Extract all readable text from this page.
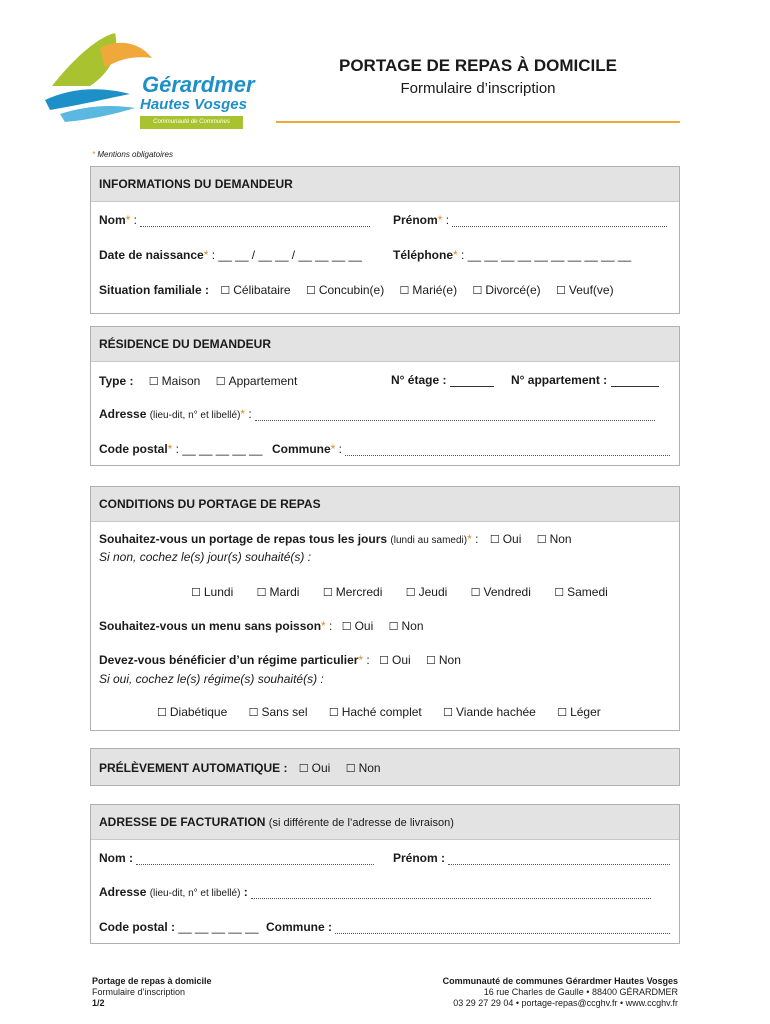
Gérardmer
Hautes Vosges
Communauté de Communes
PORTAGE DE REPAS À DOMICILE
Formulaire d’inscription
* Mentions obligatoires
INFORMATIONS DU DEMANDEUR
Nom* :	Prénom* :
Date de naissance* : __ __ / __ __ / __ __ __ __	Téléphone* : __ __ __ __ __ __ __ __ __ __
Situation familiale : ☐ Célibataire ☐ Concubin(e) ☐ Marié(e) ☐ Divorcé(e) ☐ Veuf(ve)
RÉSIDENCE DU DEMANDEUR
Type : ☐ Maison ☐ Appartement	N° étage :	N° appartement :
Adresse (lieu-dit, n° et libellé)* :
Code postal* : __ __ __ __ __ Commune* :
CONDITIONS DU PORTAGE DE REPAS
Souhaitez-vous un portage de repas tous les jours (lundi au samedi)* : ☐ Oui ☐ Non
Si non, cochez le(s) jour(s) souhaité(s) :
☐ Lundi ☐ Mardi ☐ Mercredi ☐ Jeudi ☐ Vendredi ☐ Samedi
Souhaitez-vous un menu sans poisson* : ☐ Oui ☐ Non
Devez-vous bénéficier d’un régime particulier* : ☐ Oui ☐ Non
Si oui, cochez le(s) régime(s) souhaité(s) :
☐ Diabétique ☐ Sans sel ☐ Haché complet ☐ Viande hachée ☐ Léger
PRÉLÈVEMENT AUTOMATIQUE : ☐ Oui ☐ Non
ADRESSE DE FACTURATION (si différente de l’adresse de livraison)
Nom :	Prénom :
Adresse (lieu-dit, n° et libellé) :
Code postal : __ __ __ __ __ Commune :
Portage de repas à domicile
Formulaire d’inscription
1/2
Communauté de communes Gérardmer Hautes Vosges
16 rue Charles de Gaulle • 88400 GÉRARDMER
03 29 27 29 04 • portage-repas@ccghv.fr • www.ccghv.fr
